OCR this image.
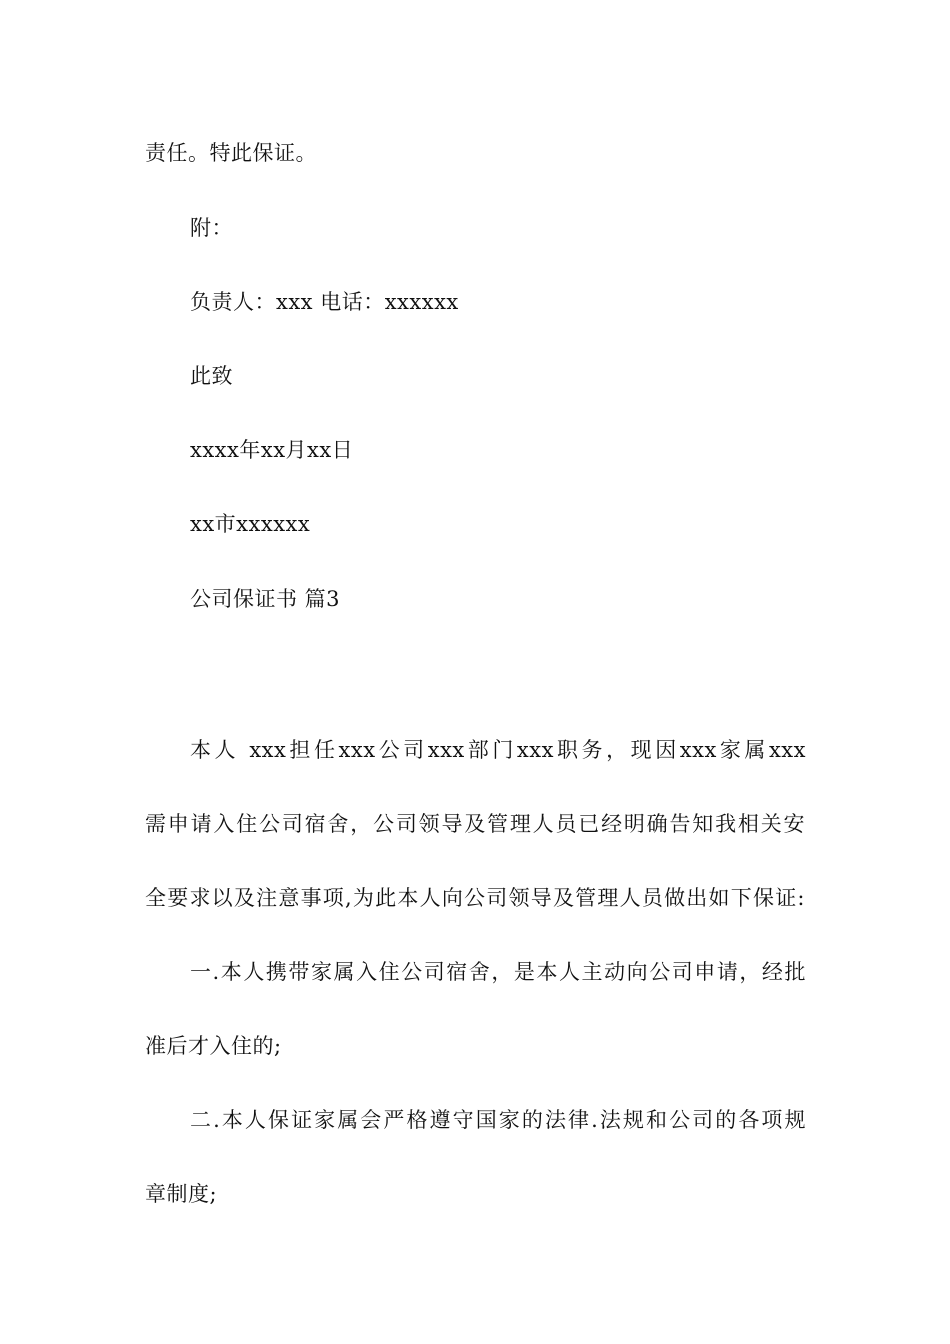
责任。特此保证。

附：

负责人：xxx 电话：xxxxxx

此致

xxxx年xx月xx日

xx市xxxxxx

公司保证书 篇3

本人 xxx担任xxx公司xxx部门xxx职务，现因xxx家属xxx

需申请入住公司宿舍，公司领导及管理人员已经明确告知我相关安

全要求以及注意事项,为此本人向公司领导及管理人员做出如下保证:

一.本人携带家属入住公司宿舍，是本人主动向公司申请，经批

准后才入住的;

二.本人保证家属会严格遵守国家的法律.法规和公司的各项规

章制度;
